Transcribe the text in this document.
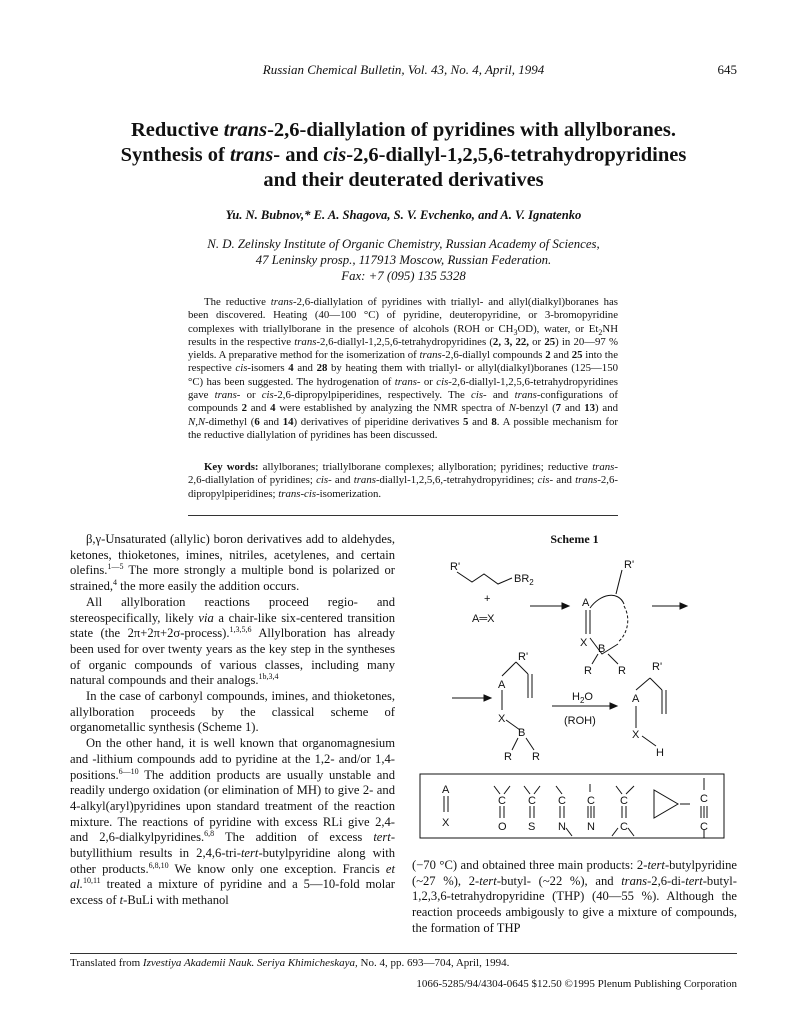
Russian Chemical Bulletin, Vol. 43, No. 4, April, 1994	645
Reductive trans-2,6-diallylation of pyridines with allylboranes.
Synthesis of trans- and cis-2,6-diallyl-1,2,5,6-tetrahydropyridines
and their deuterated derivatives
Yu. N. Bubnov,* E. A. Shagova, S. V. Evchenko, and A. V. Ignatenko
N. D. Zelinsky Institute of Organic Chemistry, Russian Academy of Sciences,
47 Leninsky prosp., 117913 Moscow, Russian Federation.
Fax: +7 (095) 135 5328
The reductive trans-2,6-diallylation of pyridines with triallyl- and allyl(dialkyl)boranes has been discovered. Heating (40—100 °C) of pyridine, deuteropyridine, or 3-bromopyridine complexes with triallylborane in the presence of alcohols (ROH or $CH_3OD$), water, or $Et_2NH$ results in the respective trans-2,6-diallyl-1,2,5,6-tetrahydropyridines (2, 3, 22, or 25) in 20—97 % yields. A preparative method for the isomerization of trans-2,6-diallyl compounds 2 and 25 into the respective cis-isomers 4 and 28 by heating them with triallyl- or allyl(dialkyl)boranes (125—150 °C) has been suggested. The hydrogenation of trans- or cis-2,6-diallyl-1,2,5,6-tetrahydropyridines gave trans- or cis-2,6-dipropylpiperidines, respectively. The cis- and trans-configurations of compounds 2 and 4 were established by analyzing the NMR spectra of N-benzyl (7 and 13) and N,N-dimethyl (6 and 14) derivatives of piperidine derivatives 5 and 8. A possible mechanism for the reductive diallylation of pyridines has been discussed.
Key words: allylboranes; triallylborane complexes; allylboration; pyridines; reductive trans-2,6-diallylation of pyridines; cis- and trans-diallyl-1,2,5,6,-tetrahydropyridines; cis- and trans-2,6-dipropylpiperidines; trans-cis-isomerization.

β,γ-Unsaturated (allylic) boron derivatives add to aldehydes, ketones, thioketones, imines, nitriles, acetylenes, and certain olefins.$^{1—5}$ The more strongly a multiple bond is polarized or strained,$^4$ the more easily the addition occurs.

All allylboration reactions proceed regio- and stereospecifically, likely via a chair-like six-centered transition state (the 2π+2π+2σ-process).$^{1,3,5,6}$ Allylboration has already been used for over twenty years as the key step in the syntheses of organic compounds of various classes, including many natural compounds and their analogs.$^{1b,3,4}$

In the case of carbonyl compounds, imines, and thioketones, allylboration proceeds by the classical scheme of organometallic synthesis (Scheme 1).

On the other hand, it is well known that organomagnesium and -lithium compounds add to pyridine at the 1,2- and/or 1,4-positions.$^{6—10}$ The addition products are usually unstable and readily undergo oxidation (or elimination of MH) to give 2- and 4-alkyl(aryl)pyridines upon standard treatment of the reaction mixture. The reactions of pyridine with excess RLi give 2,4- and 2,6-dialkylpyridines.$^{6,8}$ The addition of excess tert-butyllithium results in 2,4,6-tri-tert-butylpyridine along with other products.$^{6,8,10}$ We know only one exception. Francis et al.$^{10,11}$ treated a mixture of pyridine and a 5—10-fold molar excess of t-BuLi with methanol

Scheme 1
R'
$BR_2$
+
A═X
R'
A
X B
R R
R'
A
X
B
R R
$H_2O$
(ROH)
R'
A
X
H
A
X
C
O
C
S
C
N
C
N
C
C
C
C
(−70 °C) and obtained three main products: 2-tert-butylpyridine (~27 %), 2-tert-butyl- (~22 %), and trans-2,6-di-tert-butyl-1,2,3,6-tetrahydropyridine (THP) (40—55 %). Although the reaction proceeds ambigously to give a mixture of compounds, the formation of THP
Translated from Izvestiya Akademii Nauk. Seriya Khimicheskaya, No. 4, pp. 693—704, April, 1994.
1066-5285/94/4304-0645 $12.50 ©1995 Plenum Publishing Corporation
